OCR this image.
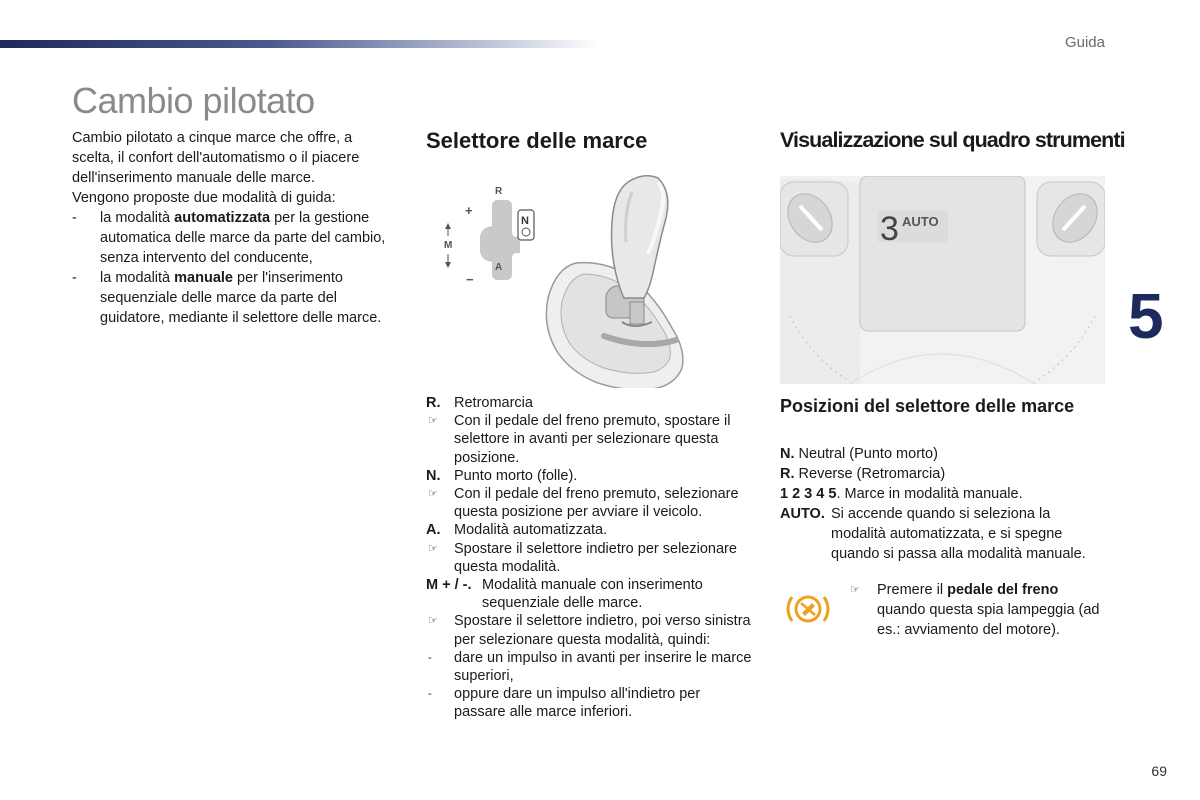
Guida
5
69
Cambio pilotato

Cambio pilotato a cinque marce che offre, a scelta, il confort dell'automatismo o il piacere dell'inserimento manuale delle marce.

Vengono proposte due modalità di guida:

- la modalità automatizzata per la gestione automatica delle marce da parte del cambio, senza intervento del conducente,
- la modalità manuale per l'inserimento sequenziale delle marce da parte del guidatore, mediante il selettore delle marce.
Selettore delle marce
R
A
M
+
−
N
R. Retromarcia
☞	Con il pedale del freno premuto, spostare il selettore in avanti per selezionare questa posizione.
N. Punto morto (folle).
☞	Con il pedale del freno premuto, selezionare questa posizione per avviare il veicolo.
A. Modalità automatizzata.
☞	Spostare il selettore indietro per selezionare questa modalità.
M + / -. Modalità manuale con inserimento sequenziale delle marce.
☞	Spostare il selettore indietro, poi verso sinistra per selezionare questa modalità, quindi:
-	dare un impulso in avanti per inserire le marce superiori,
-	oppure dare un impulso all'indietro per passare alle marce inferiori.
Visualizzazione sul quadro strumenti
3 AUTO
Posizioni del selettore delle marce
N. Neutral (Punto morto)
R. Reverse (Retromarcia)
1 2 3 4 5. Marce in modalità manuale.
AUTO. Si accende quando si seleziona la modalità automatizzata, e si spegne quando si passa alla modalità manuale.
☞	Premere il pedale del freno quando questa spia lampeggia (ad es.: avviamento del motore).
